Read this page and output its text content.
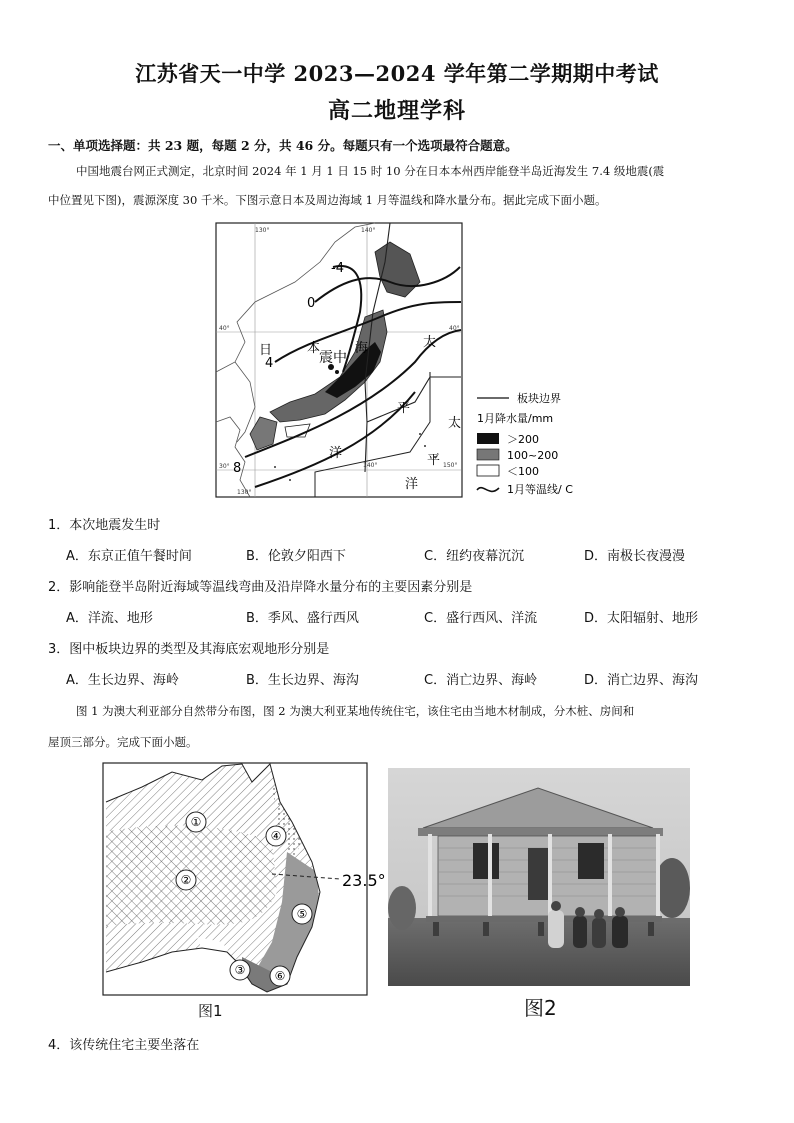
江苏省天一中学 2023—2024 学年第二学期期中考试
高二地理学科
一、单项选择题：共 23 题，每题 2 分，共 46 分。每题只有一个选项最符合题意。
中国地震台网正式测定，北京时间 2024 年 1 月 1 日 15 时 10 分在日本本州西岸能登半岛近海发生 7.4 级地震(震
中位置见下图)，震源深度 30 千米。下图示意日本及周边海域 1 月等温线和降水量分布。据此完成下面小题。
130°	140°
150°
140°
130°
40°	40°
30°
-4
0
4
8
日	本	海
震中
太
平
太
平
洋
洋
板块边界
1月降水量/mm
＞200
100~200
＜100
1月等温线/ C
1．本次地震发生时
A．东京正值午餐时间	B．伦敦夕阳西下	C．纽约夜幕沉沉	D．南极长夜漫漫
2．影响能登半岛附近海域等温线弯曲及沿岸降水量分布的主要因素分别是
A．洋流、地形	B．季风、盛行西风	C．盛行西风、洋流	D．太阳辐射、地形
3．图中板块边界的类型及其海底宏观地形分别是
A．生长边界、海岭	B．生长边界、海沟	C．消亡边界、海岭	D．消亡边界、海沟
图 1 为澳大利亚部分自然带分布图，图 2 为澳大利亚某地传统住宅，该住宅由当地木材制成，分木桩、房间和
屋顶三部分。完成下面小题。
23.5°
①
②
③
④
⑤
⑥
图1	图2
4．该传统住宅主要坐落在
